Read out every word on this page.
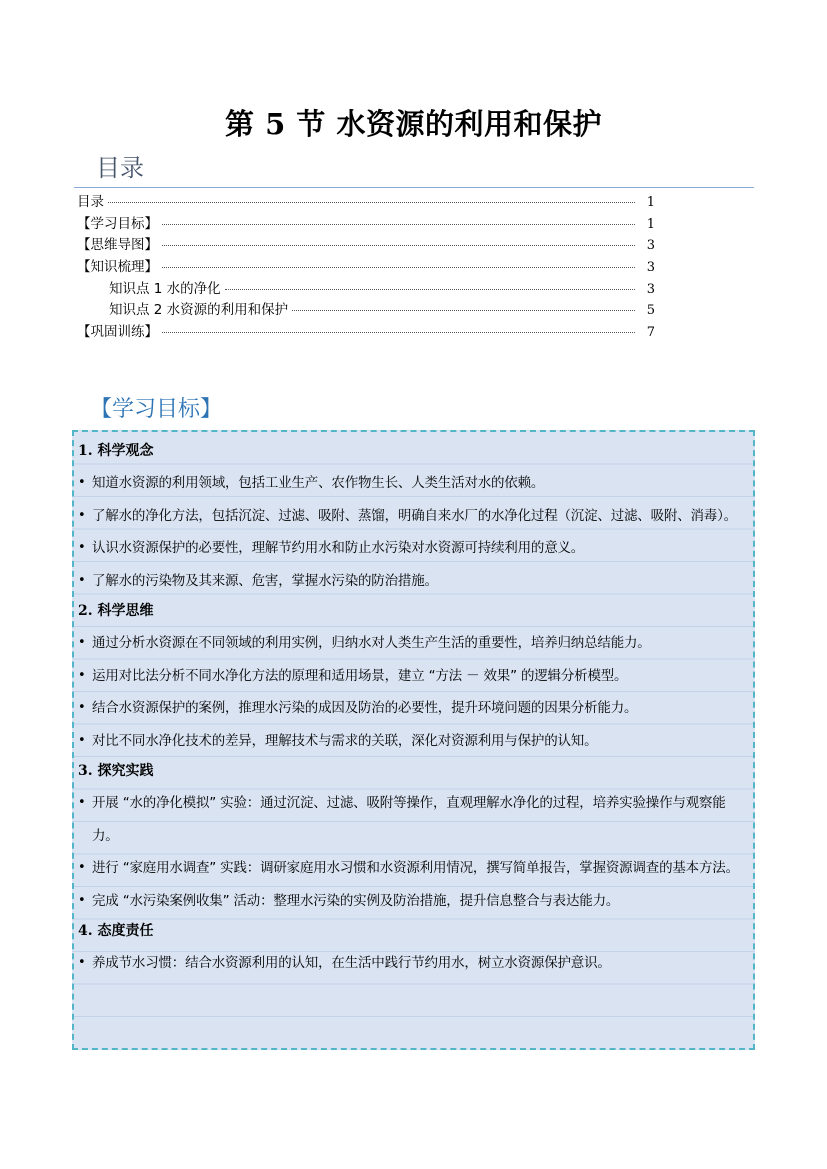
第 5 节 水资源的利用和保护
目录
目录	1
【学习目标】	1
【思维导图】	3
【知识梳理】	3
知识点 1 水的净化	3
知识点 2 水资源的利用和保护	5
【巩固训练】	7
【学习目标】
1. 科学观念
• 知道水资源的利用领域，包括工业生产、农作物生长、人类生活对水的依赖。
• 了解水的净化方法，包括沉淀、过滤、吸附、蒸馏，明确自来水厂的水净化过程（沉淀、过滤、吸附、消毒）。
• 认识水资源保护的必要性，理解节约用水和防止水污染对水资源可持续利用的意义。
• 了解水的污染物及其来源、危害，掌握水污染的防治措施。
2. 科学思维
• 通过分析水资源在不同领域的利用实例，归纳水对人类生产生活的重要性，培养归纳总结能力。
• 运用对比法分析不同水净化方法的原理和适用场景，建立 “方法 － 效果” 的逻辑分析模型。
• 结合水资源保护的案例，推理水污染的成因及防治的必要性，提升环境问题的因果分析能力。
• 对比不同水净化技术的差异，理解技术与需求的关联，深化对资源利用与保护的认知。
3. 探究实践
• 开展 “水的净化模拟” 实验：通过沉淀、过滤、吸附等操作，直观理解水净化的过程，培养实验操作与观察能力。
• 进行 “家庭用水调查” 实践：调研家庭用水习惯和水资源利用情况，撰写简单报告，掌握资源调查的基本方法。
• 完成 “水污染案例收集” 活动：整理水污染的实例及防治措施，提升信息整合与表达能力。
4. 态度责任
• 养成节水习惯：结合水资源利用的认知，在生活中践行节约用水，树立水资源保护意识。
